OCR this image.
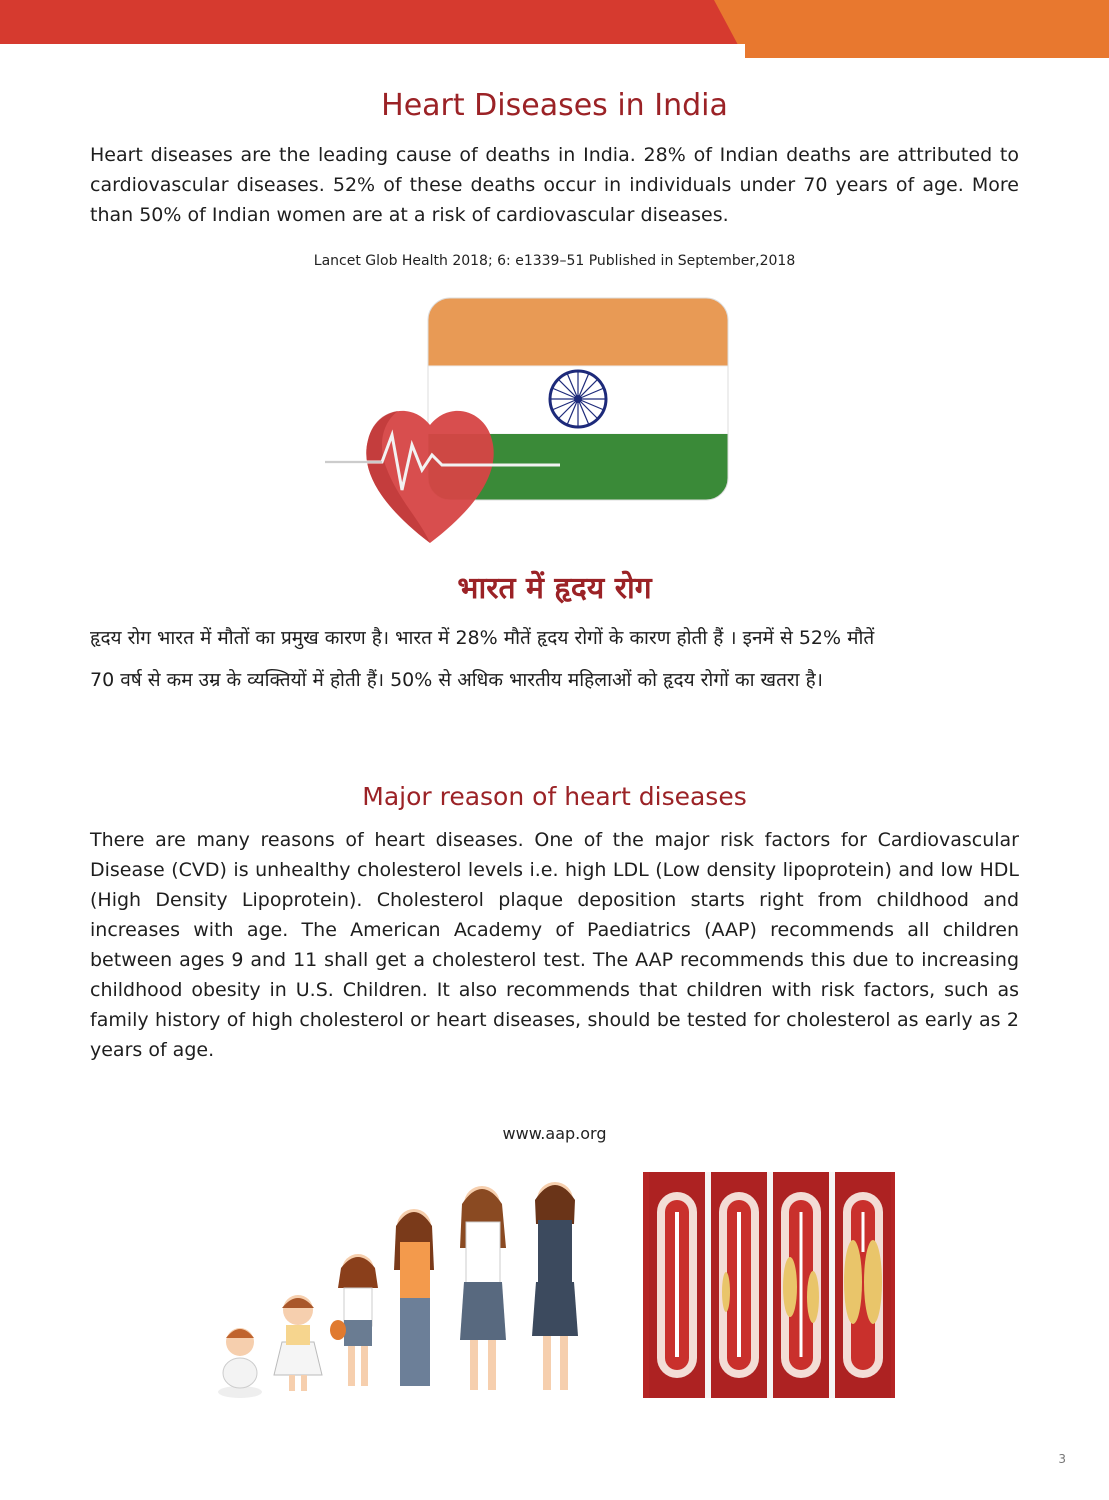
Heart Diseases in India

Heart diseases are the leading cause of deaths in India. 28% of Indian deaths are attributed to cardiovascular diseases. 52% of these deaths occur in individuals under 70 years of age. More than 50% of Indian women are at a risk of cardiovascular diseases.

Lancet Glob Health 2018; 6: e1339–51 Published in September,2018
भारत में हृदय रोग

हृदय रोग भारत में मौतों का प्रमुख कारण है। भारत में 28% मौतें हृदय रोगों के कारण होती हैं । इनमें से 52% मौतें

70 वर्ष से कम उम्र के व्यक्तियों में होती हैं। 50% से अधिक भारतीय महिलाओं को हृदय रोगों का खतरा है।

Major reason of heart diseases

There are many reasons of heart diseases. One of the major risk factors for Cardiovascular Disease (CVD) is unhealthy cholesterol levels i.e. high LDL (Low density lipoprotein) and low HDL (High Density Lipoprotein). Cholesterol plaque deposition starts right from childhood and increases with age. The American Academy of Paediatrics (AAP) recommends all children between ages 9 and 11 shall get a cholesterol test. The AAP recommends this due to increasing childhood obesity in U.S. Children. It also recommends that children with risk factors, such as family history of high cholesterol or heart diseases, should be tested for cholesterol as early as 2 years of age.

www.aap.org
3
